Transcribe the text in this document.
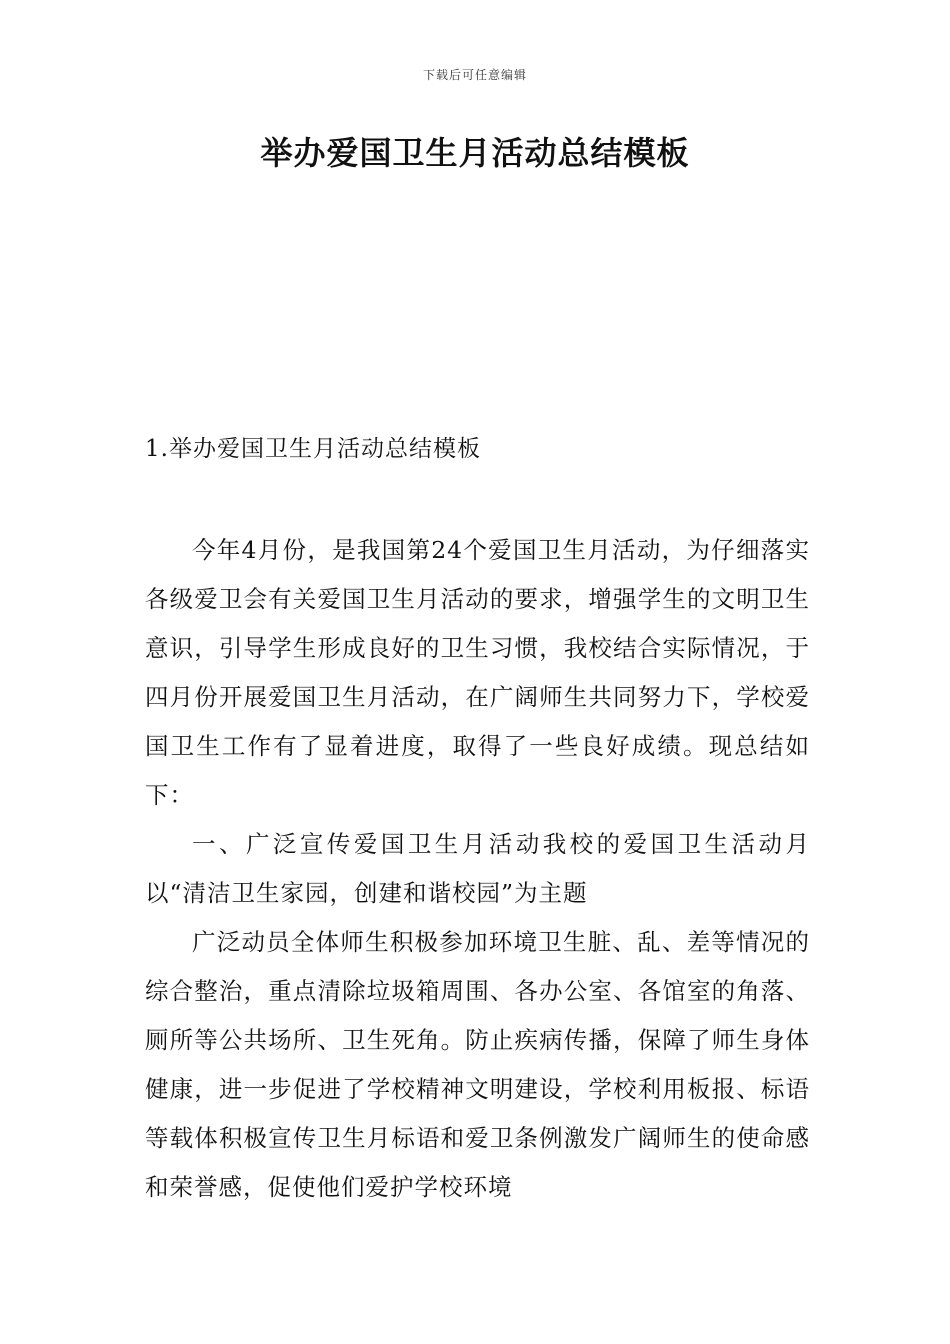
下载后可任意编辑
举办爱国卫生月活动总结模板
1.举办爱国卫生月活动总结模板

今年4月份，是我国第24个爱国卫生月活动，为仔细落实各级爱卫会有关爱国卫生月活动的要求，增强学生的文明卫生意识，引导学生形成良好的卫生习惯，我校结合实际情况，于四月份开展爱国卫生月活动，在广阔师生共同努力下，学校爱国卫生工作有了显着进度，取得了一些良好成绩。现总结如下：

一、广泛宣传爱国卫生月活动我校的爱国卫生活动月以“清洁卫生家园，创建和谐校园”为主题

广泛动员全体师生积极参加环境卫生脏、乱、差等情况的综合整治，重点清除垃圾箱周围、各办公室、各馆室的角落、厕所等公共场所、卫生死角。防止疾病传播，保障了师生身体健康，进一步促进了学校精神文明建设，学校利用板报、标语等载体积极宣传卫生月标语和爱卫条例激发广阔师生的使命感和荣誉感，促使他们爱护学校环境
